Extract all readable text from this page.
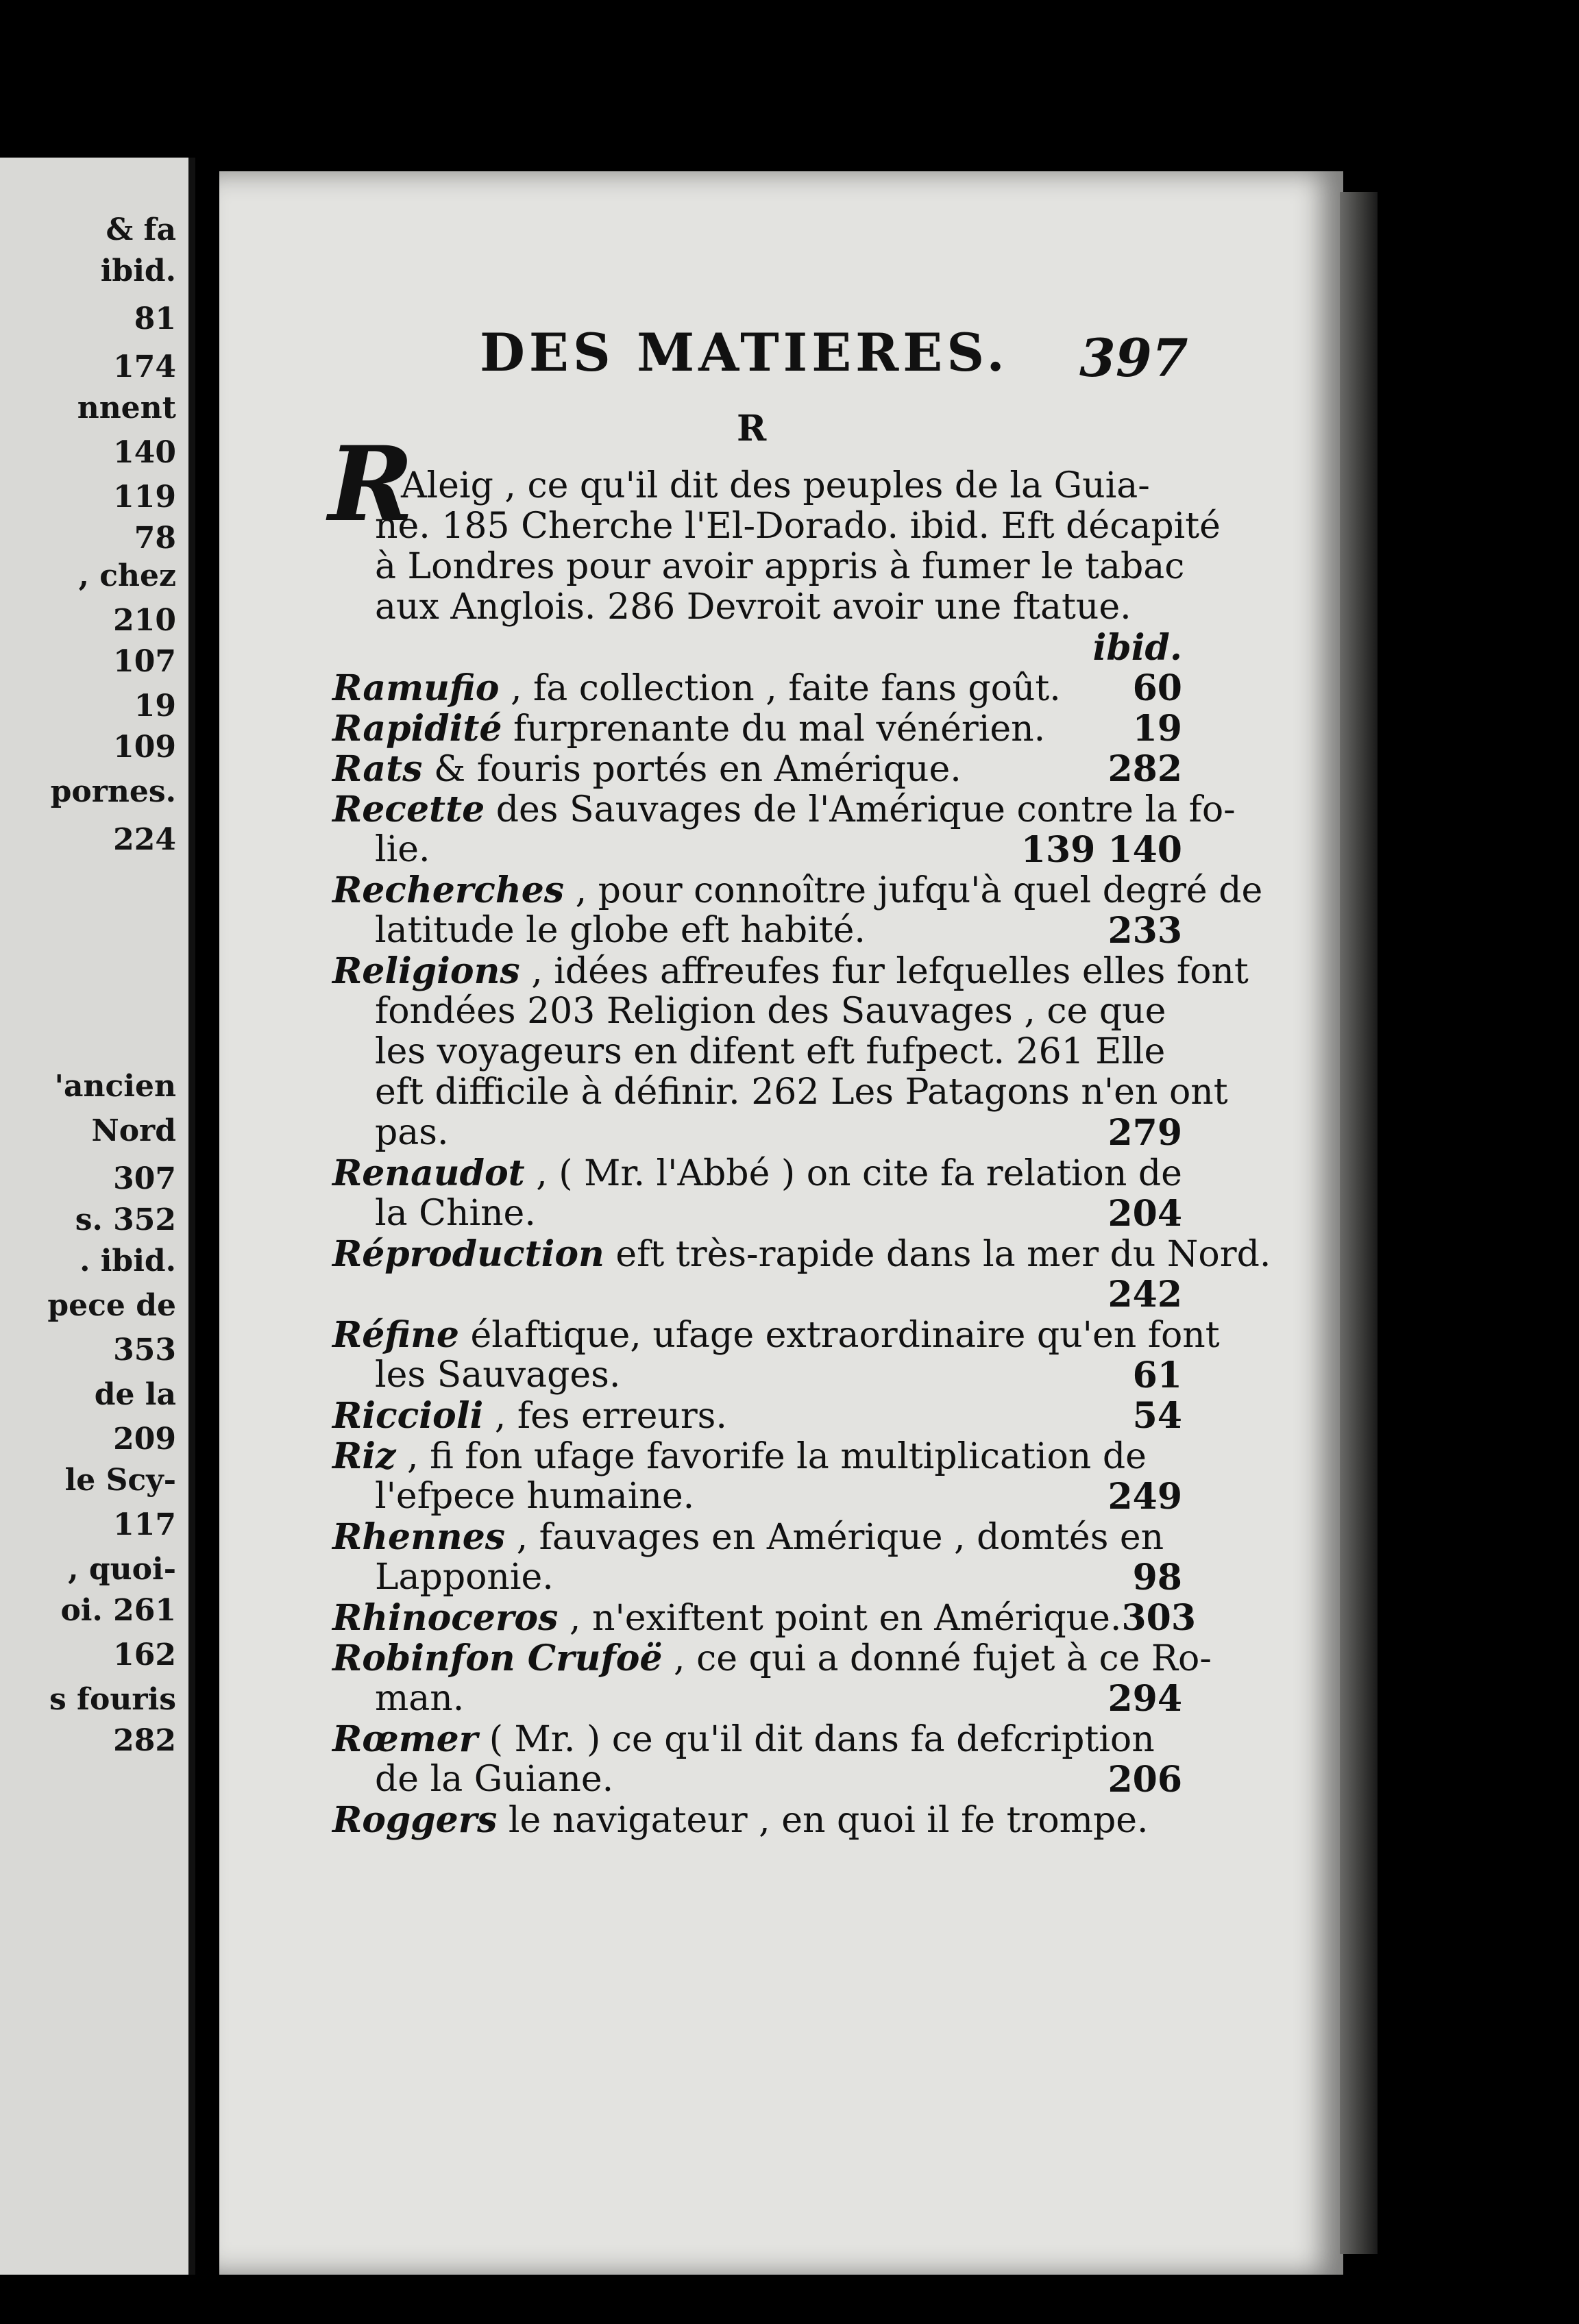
& fa
ibid.
81
174
nnent
140
119
78
, chez
210
107
19
109
pornes.
224
'ancien
Nord
307
s. 352
. ibid.
pece de
353
de la
209
le Scy-
117
, quoi-
oi. 261
162
s fouris
282
DES MATIERES.	397
R
R
Aleig , ce qu'il dit des peuples de la Guia-
ne. 185 Cherche l'El-Dorado. ibid. Eft décapité
à Londres pour avoir appris à fumer le tabac
aux Anglois. 286 Devroit avoir une ftatue.
ibid.
Ramufio , fa collection , faite fans goût. 60
Rapidité furprenante du mal vénérien. 19
Rats & fouris portés en Amérique.	282
Recette des Sauvages de l'Amérique contre la fo-
lie.	139 140
Recherches , pour connoître jufqu'à quel degré de
latitude le globe eft habité.	233
Religions , idées affreufes fur lefquelles elles font
fondées 203 Religion des Sauvages , ce que
les voyageurs en difent eft fufpect. 261 Elle
eft difficile à définir. 262 Les Patagons n'en ont
pas.	279
Renaudot , ( Mr. l'Abbé ) on cite fa relation de
la Chine.	204
Réproduction eft très-rapide dans la mer du Nord.
242
Réfine élaftique, ufage extraordinaire qu'en font
les Sauvages.	61
Riccioli , fes erreurs.	54
Riz , fi fon ufage favorife la multiplication de
l'efpece humaine.	249
Rhennes , fauvages en Amérique , domtés en
Lapponie.	98
Rhinoceros , n'exiftent point en Amérique. 303
Robinfon Crufoë , ce qui a donné fujet à ce Ro-
man.	294
Rœmer ( Mr. ) ce qu'il dit dans fa defcription
de la Guiane.	206
Roggers le navigateur , en quoi il fe trompe.
